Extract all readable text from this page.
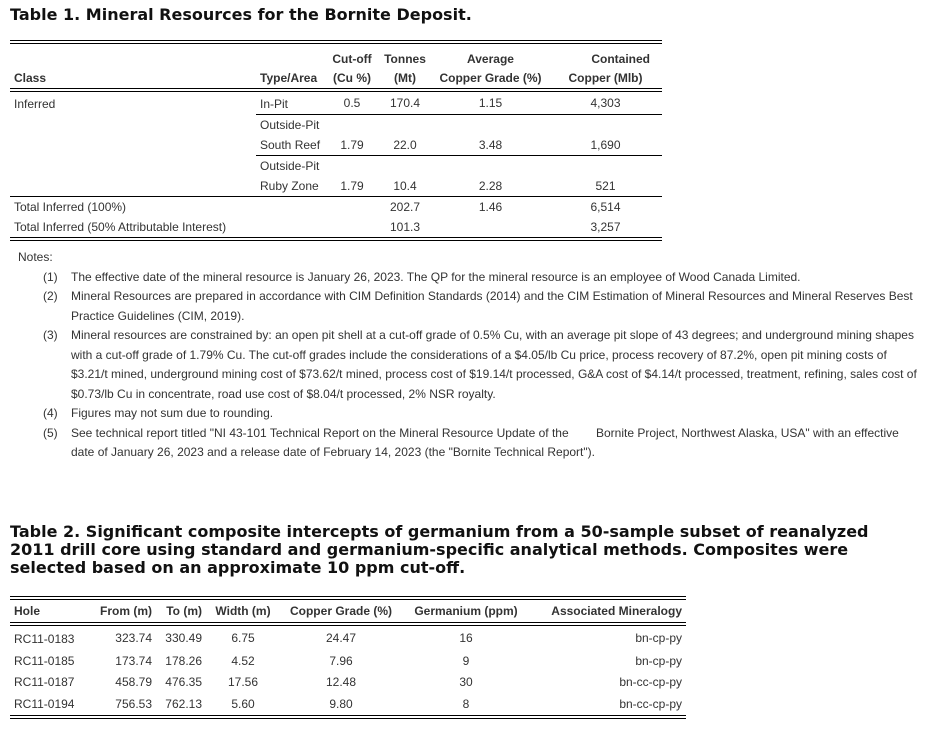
Table 1. Mineral Resources for the Bornite Deposit.
		Cut-off	Tonnes	Average	Contained
Class	Type/Area	(Cu %)	(Mt)	Copper Grade (%)	Copper (Mlb)
Inferred	In-Pit	0.5	170.4	1.15	4,303
	Outside-Pit				
	South Reef	1.79	22.0	3.48	1,690
	Outside-Pit				
	Ruby Zone	1.79	10.4	2.28	521
Total Inferred (100%)			202.7	1.46	6,514
Total Inferred (50% Attributable Interest)			101.3		3,257
Notes:
(1) The effective date of the mineral resource is January 26, 2023. The QP for the mineral resource is an employee of Wood Canada Limited.
(2) Mineral Resources are prepared in accordance with CIM Definition Standards (2014) and the CIM Estimation of Mineral Resources and Mineral Reserves Best Practice Guidelines (CIM, 2019).
(3) Mineral resources are constrained by: an open pit shell at a cut-off grade of 0.5% Cu, with an average pit slope of 43 degrees; and underground mining shapes with a cut-off grade of 1.79% Cu. The cut-off grades include the considerations of a $4.05/lb Cu price, process recovery of 87.2%, open pit mining costs of $3.21/t mined, underground mining cost of $73.62/t mined, process cost of $19.14/t processed, G&A cost of $4.14/t processed, treatment, refining, sales cost of $0.73/lb Cu in concentrate, road use cost of $8.04/t processed, 2% NSR royalty.
(4) Figures may not sum due to rounding.
(5) See technical report titled "NI 43-101 Technical Report on the Mineral Resource Update of the   Bornite Project, Northwest Alaska, USA" with an effective date of January 26, 2023 and a release date of February 14, 2023 (the "Bornite Technical Report").
Table 2. Significant composite intercepts of germanium from a 50-sample subset of reanalyzed 2011 drill core using standard and germanium-specific analytical methods. Composites were selected based on an approximate 10 ppm cut-off.
Hole	From (m)	To (m)	Width (m)	Copper Grade (%)	Germanium (ppm)	Associated Mineralogy
RC11-0183	323.74	330.49	6.75	24.47	16	bn-cp-py
RC11-0185	173.74	178.26	4.52	7.96	9	bn-cp-py
RC11-0187	458.79	476.35	17.56	12.48	30	bn-cc-cp-py
RC11-0194	756.53	762.13	5.60	9.80	8	bn-cc-cp-py
